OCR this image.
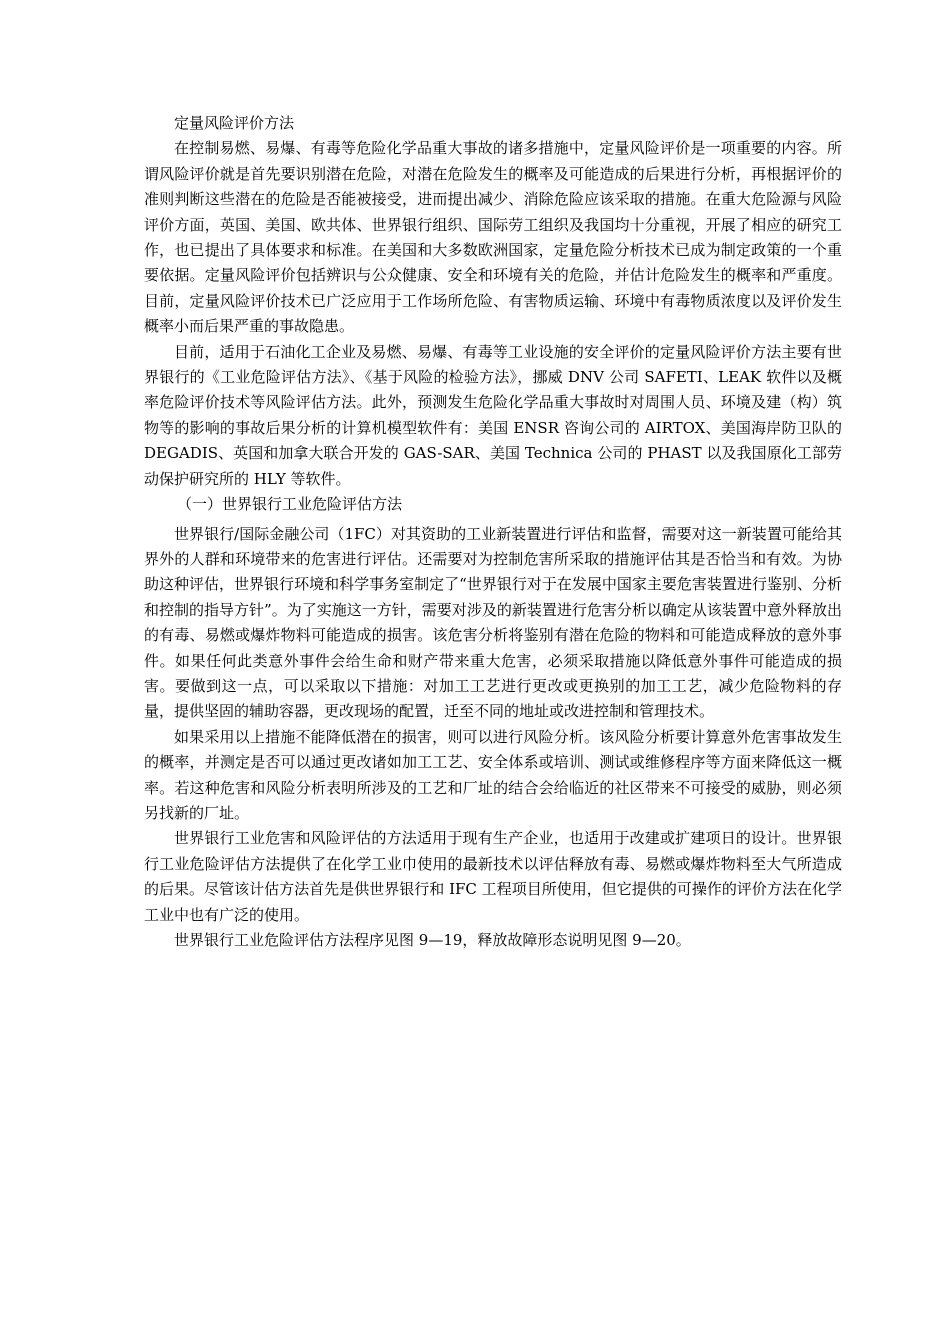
定量风险评价方法

在控制易燃、易爆、有毒等危险化学品重大事故的诸多措施中，定量风险评价是一项重要的内容。所谓风险评价就是首先要识别潜在危险，对潜在危险发生的概率及可能造成的后果进行分析，再根据评价的准则判断这些潜在的危险是否能被接受，进而提出减少、消除危险应该采取的措施。在重大危险源与风险评价方面，英国、美国、欧共体、世界银行组织、国际劳工组织及我国均十分重视，开展了相应的研究工作，也已提出了具体要求和标准。在美国和大多数欧洲国家，定量危险分析技术已成为制定政策的一个重要依据。定量风险评价包括辨识与公众健康、安全和环境有关的危险，并估计危险发生的概率和严重度。目前，定量风险评价技术已广泛应用于工作场所危险、有害物质运输、环境中有毒物质浓度以及评价发生概率小而后果严重的事故隐患。

目前，适用于石油化工企业及易燃、易爆、有毒等工业设施的安全评价的定量风险评价方法主要有世界银行的《工业危险评估方法》、《基于风险的检验方法》，挪威 DNV 公司 SAFETI、LEAK 软件以及概率危险评价技术等风险评估方法。此外，预测发生危险化学品重大事故时对周围人员、环境及建（构）筑物等的影响的事故后果分析的计算机模型软件有：美国 ENSR 咨询公司的 AIRTOX、美国海岸防卫队的 DEGADIS、英国和加拿大联合开发的 GAS-SAR、美国 Technica 公司的 PHAST 以及我国原化工部劳动保护研究所的 HLY 等软件。

（一）世界银行工业危险评估方法

世界银行/国际金融公司（1FC）对其资助的工业新装置进行评估和监督，需要对这一新装置可能给其界外的人群和环境带来的危害进行评估。还需要对为控制危害所采取的措施评估其是否恰当和有效。为协助这种评估，世界银行环境和科学事务室制定了“世界银行对于在发展中国家主要危害装置进行鉴别、分析和控制的指导方针”。为了实施这一方针，需要对涉及的新装置进行危害分析以确定从该装置中意外释放出的有毒、易燃或爆炸物料可能造成的损害。该危害分析将鉴别有潜在危险的物料和可能造成释放的意外事件。如果任何此类意外事件会给生命和财产带来重大危害，必须采取措施以降低意外事件可能造成的损害。要做到这一点，可以采取以下措施：对加工工艺进行更改或更换别的加工工艺，减少危险物料的存量，提供坚固的辅助容器，更改现场的配置，迁至不同的地址或改进控制和管理技术。

如果采用以上措施不能降低潜在的损害，则可以进行风险分析。该风险分析要计算意外危害事故发生的概率，并测定是否可以通过更改诸如加工工艺、安全体系或培训、测试或维修程序等方面来降低这一概率。若这种危害和风险分析表明所涉及的工艺和厂址的结合会给临近的社区带来不可接受的威胁，则必须另找新的厂址。

世界银行工业危害和风险评估的方法适用于现有生产企业，也适用于改建或扩建项日的设计。世界银行工业危险评估方法提供了在化学工业巾使用的最新技术以评估释放有毒、易燃或爆炸物料至大气所造成的后果。尽管该计估方法首先是供世界银行和 IFC 工程项目所使用，但它提供的可操作的评价方法在化学工业中也有广泛的使用。

世界银行工业危险评估方法程序见图 9—19，释放故障形态说明见图 9—20。
